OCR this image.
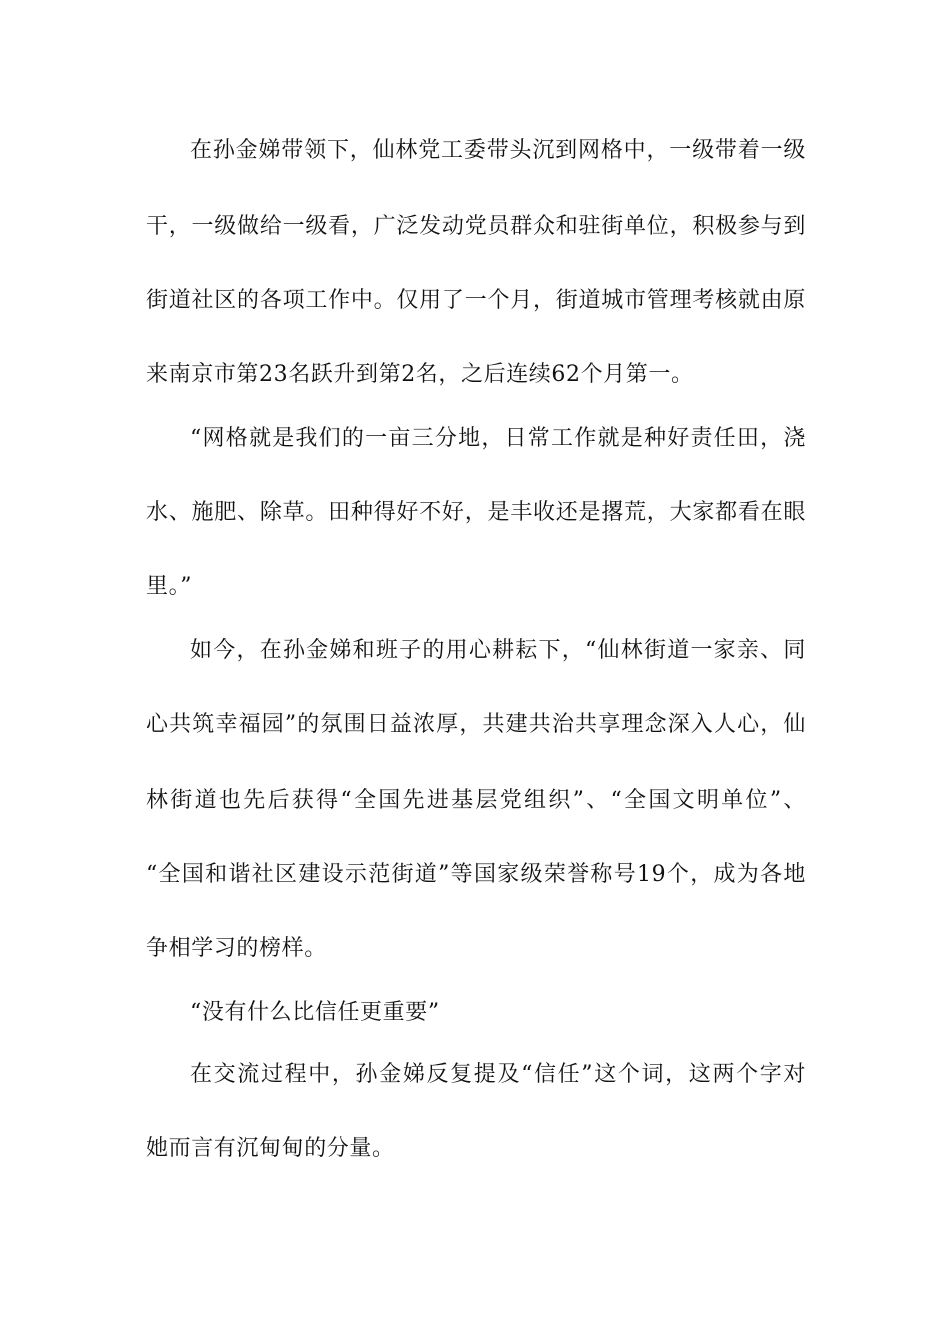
在孙金娣带领下，仙林党工委带头沉到网格中，一级带着一级
干，一级做给一级看，广泛发动党员群众和驻街单位，积极参与到
街道社区的各项工作中。仅用了一个月，街道城市管理考核就由原
来南京市第23名跃升到第2名，之后连续62个月第一。
“网格就是我们的一亩三分地，日常工作就是种好责任田，浇
水、施肥、除草。田种得好不好，是丰收还是撂荒，大家都看在眼
里。”
如今，在孙金娣和班子的用心耕耘下，“仙林街道一家亲、同
心共筑幸福园”的氛围日益浓厚，共建共治共享理念深入人心，仙
林街道也先后获得“全国先进基层党组织”、“全国文明单位”、
“全国和谐社区建设示范街道”等国家级荣誉称号19个，成为各地
争相学习的榜样。
“没有什么比信任更重要”
在交流过程中，孙金娣反复提及“信任”这个词，这两个字对
她而言有沉甸甸的分量。
